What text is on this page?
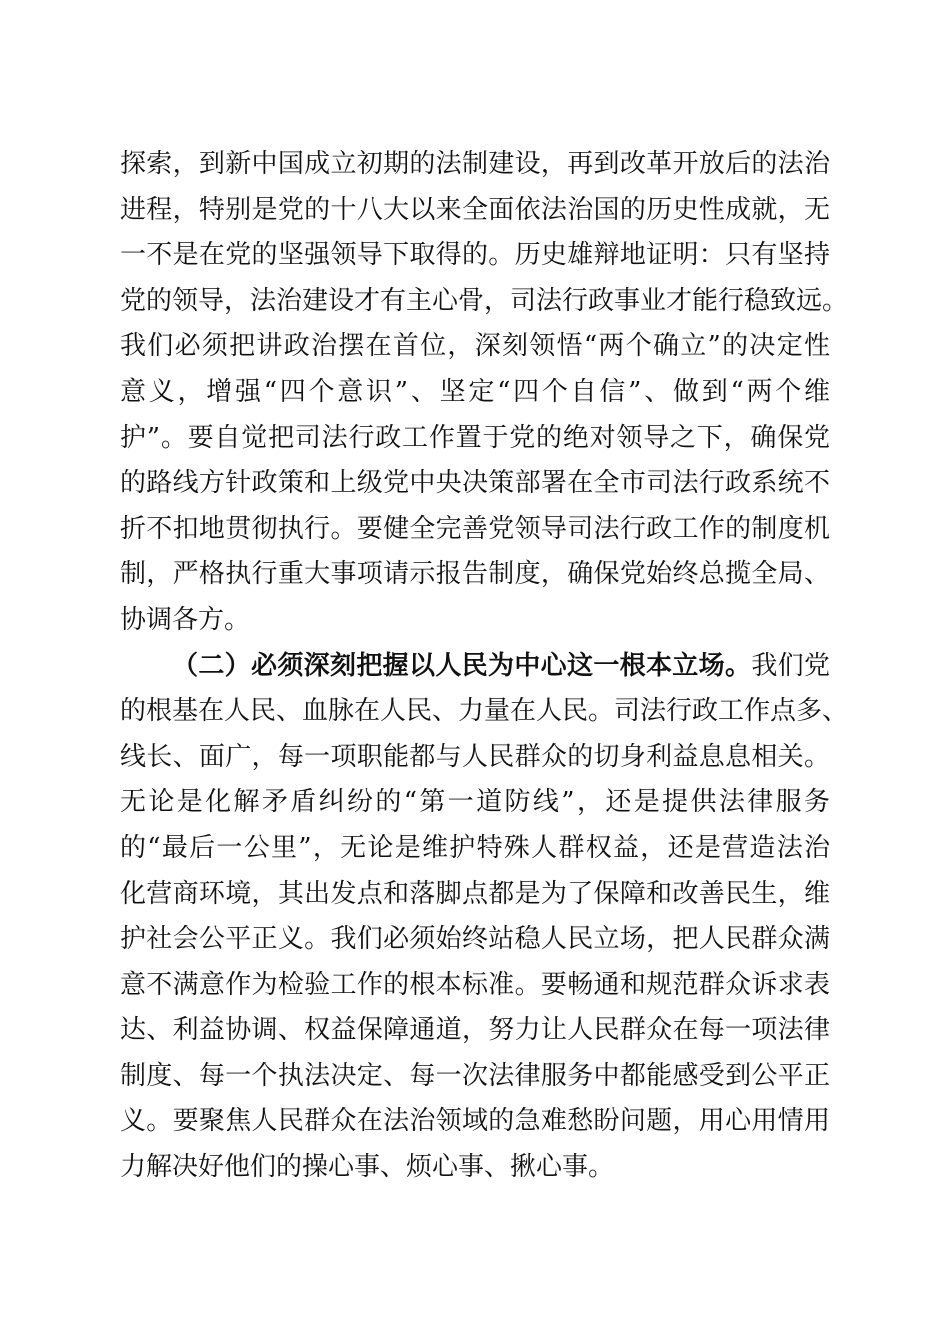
探索，到新中国成立初期的法制建设，再到改革开放后的法治
进程，特别是党的十八大以来全面依法治国的历史性成就，无
一不是在党的坚强领导下取得的。历史雄辩地证明：只有坚持
党的领导，法治建设才有主心骨，司法行政事业才能行稳致远。
我们必须把讲政治摆在首位，深刻领悟“两个确立”的决定性
意义，增强“四个意识”、坚定“四个自信”、做到“两个维
护”。要自觉把司法行政工作置于党的绝对领导之下，确保党
的路线方针政策和上级党中央决策部署在全市司法行政系统不
折不扣地贯彻执行。要健全完善党领导司法行政工作的制度机
制，严格执行重大事项请示报告制度，确保党始终总揽全局、
协调各方。
（二）必须深刻把握以人民为中心这一根本立场。我们党
的根基在人民、血脉在人民、力量在人民。司法行政工作点多、
线长、面广，每一项职能都与人民群众的切身利益息息相关。
无论是化解矛盾纠纷的“第一道防线”，还是提供法律服务
的“最后一公里”，无论是维护特殊人群权益，还是营造法治
化营商环境，其出发点和落脚点都是为了保障和改善民生，维
护社会公平正义。我们必须始终站稳人民立场，把人民群众满
意不满意作为检验工作的根本标准。要畅通和规范群众诉求表
达、利益协调、权益保障通道，努力让人民群众在每一项法律
制度、每一个执法决定、每一次法律服务中都能感受到公平正
义。要聚焦人民群众在法治领域的急难愁盼问题，用心用情用
力解决好他们的操心事、烦心事、揪心事。
